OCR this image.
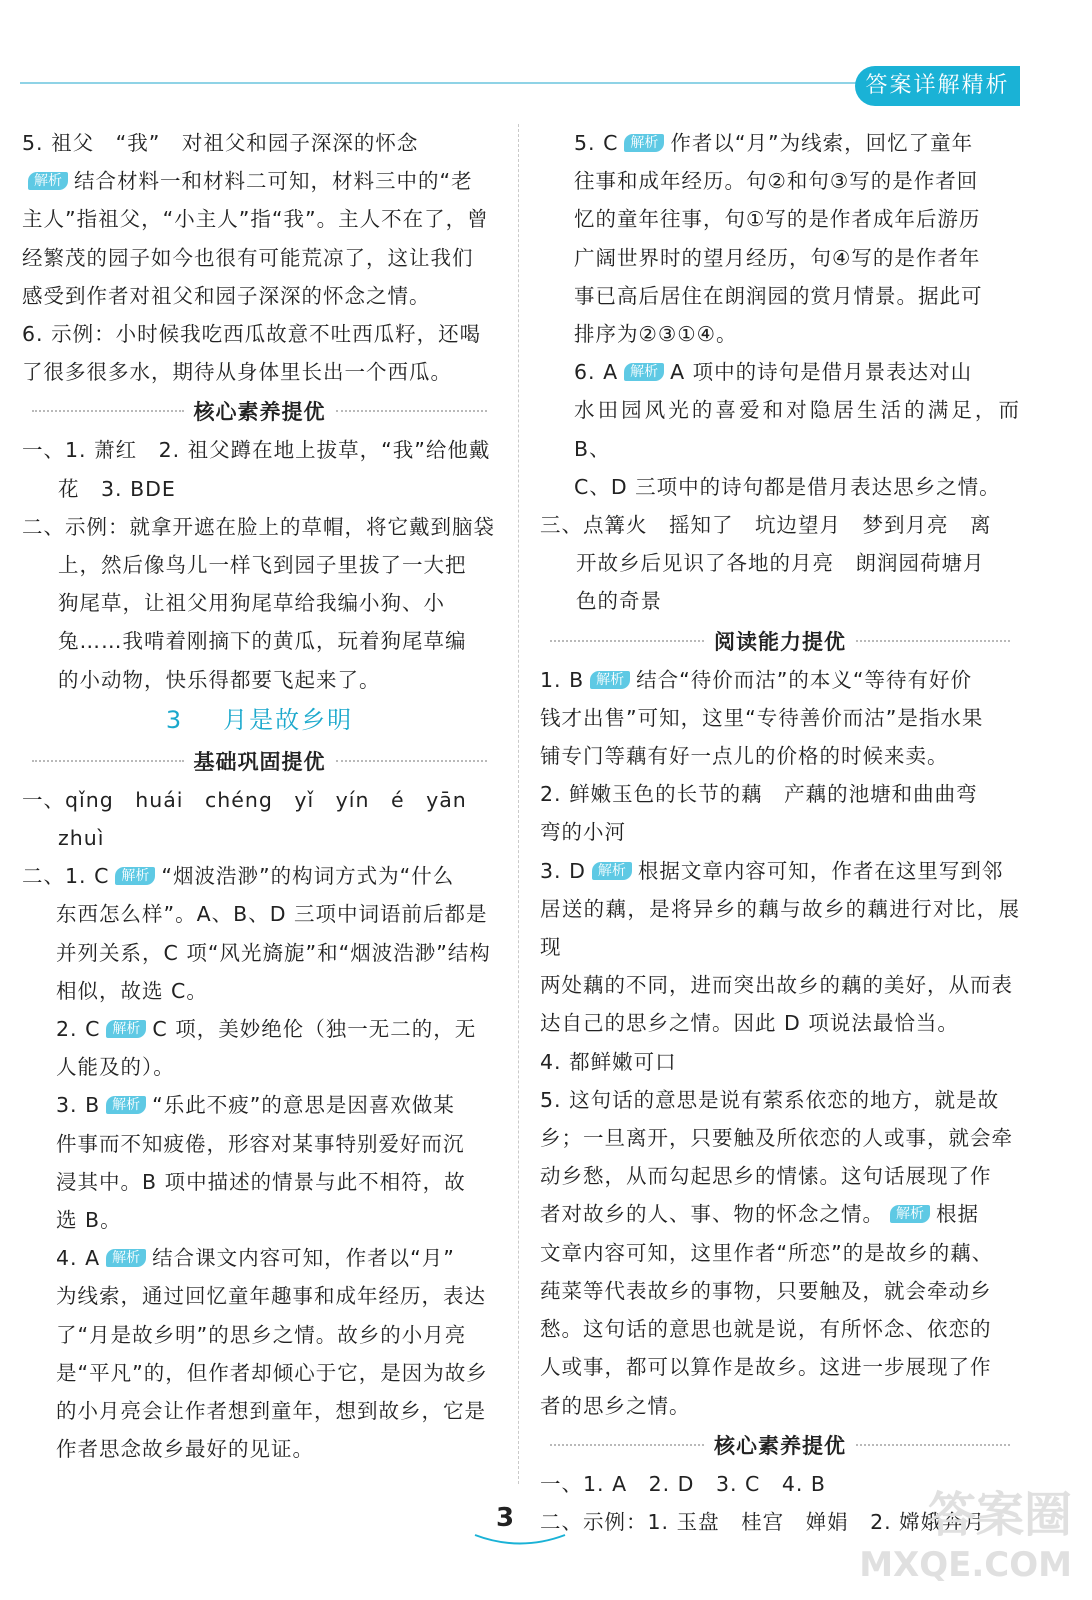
答案详解精析

5. 祖父　“我”　对祖父和园子深深的怀念

解析 结合材料一和材料二可知，材料三中的“老

主人”指祖父，“小主人”指“我”。主人不在了，曾

经繁茂的园子如今也很有可能荒凉了，这让我们

感受到作者对祖父和园子深深的怀念之情。

6. 示例：小时候我吃西瓜故意不吐西瓜籽，还喝

了很多很多水，期待从身体里长出一个西瓜。

核心素养提优

一、1. 萧红　2. 祖父蹲在地上拔草，“我”给他戴

花　3. BDE

二、示例：就拿开遮在脸上的草帽，将它戴到脑袋

上，然后像鸟儿一样飞到园子里拔了一大把

狗尾草，让祖父用狗尾草给我编小狗、小

兔……我啃着刚摘下的黄瓜，玩着狗尾草编

的小动物，快乐得都要飞起来了。

3 月是故乡明
基础巩固提优

一、qǐng　huái　chéng　yǐ　yín　é　yān

zhuì

二、1. C 解析 “烟波浩渺”的构词方式为“什么

东西怎么样”。A、B、D 三项中词语前后都是

并列关系，C 项“风光旖旎”和“烟波浩渺”结构

相似，故选 C。

2. C 解析 C 项，美妙绝伦（独一无二的，无

人能及的）。

3. B 解析 “乐此不疲”的意思是因喜欢做某

件事而不知疲倦，形容对某事特别爱好而沉

浸其中。B 项中描述的情景与此不相符，故

选 B。

4. A 解析 结合课文内容可知，作者以“月”

为线索，通过回忆童年趣事和成年经历，表达

了“月是故乡明”的思乡之情。故乡的小月亮

是“平凡”的，但作者却倾心于它，是因为故乡

的小月亮会让作者想到童年，想到故乡，它是

作者思念故乡最好的见证。

5. C 解析 作者以“月”为线索，回忆了童年

往事和成年经历。句②和句③写的是作者回

忆的童年往事，句①写的是作者成年后游历

广阔世界时的望月经历，句④写的是作者年

事已高后居住在朗润园的赏月情景。据此可

排序为②③①④。

6. A 解析 A 项中的诗句是借月景表达对山

水田园风光的喜爱和对隐居生活的满足，而 B、

C、D 三项中的诗句都是借月表达思乡之情。

三、点篝火　摇知了　坑边望月　梦到月亮　离

开故乡后见识了各地的月亮　朗润园荷塘月

色的奇景

阅读能力提优

1. B 解析 结合“待价而沽”的本义“等待有好价

钱才出售”可知，这里“专待善价而沽”是指水果

铺专门等藕有好一点儿的价格的时候来卖。

2. 鲜嫩玉色的长节的藕　产藕的池塘和曲曲弯

弯的小河

3. D 解析 根据文章内容可知，作者在这里写到邻

居送的藕，是将异乡的藕与故乡的藕进行对比，展现

两处藕的不同，进而突出故乡的藕的美好，从而表

达自己的思乡之情。因此 D 项说法最恰当。

4. 都鲜嫩可口

5. 这句话的意思是说有萦系依恋的地方，就是故

乡；一旦离开，只要触及所依恋的人或事，就会牵

动乡愁，从而勾起思乡的情愫。这句话展现了作

者对故乡的人、事、物的怀念之情。 解析 根据

文章内容可知，这里作者“所恋”的是故乡的藕、

莼菜等代表故乡的事物，只要触及，就会牵动乡

愁。这句话的意思也就是说，有所怀念、依恋的

人或事，都可以算作是故乡。这进一步展现了作

者的思乡之情。

核心素养提优

一、1. A　2. D　3. C　4. B

二、示例：1. 玉盘　桂宫　婵娟　2. 嫦娥奔月

3	答案圈
MXQE.COM
